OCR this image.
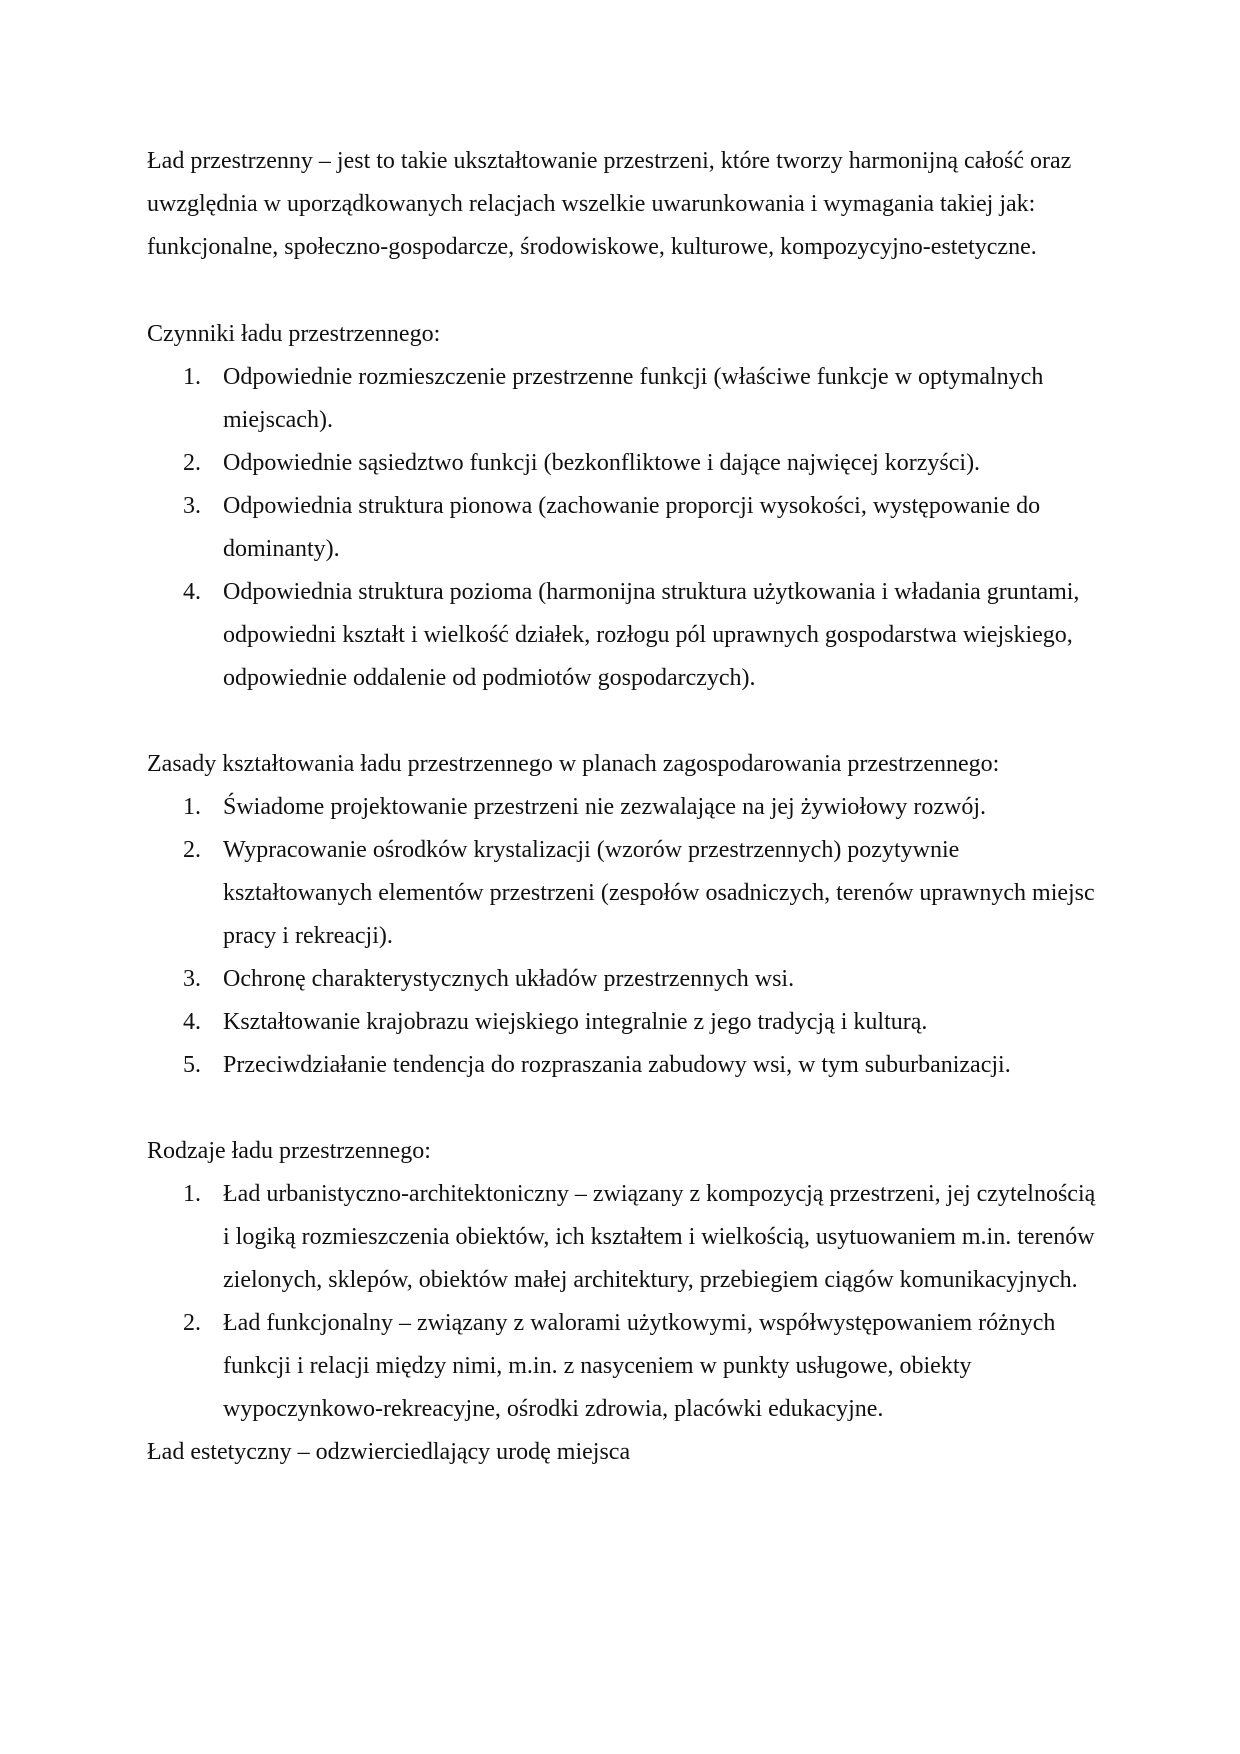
Ład przestrzenny – jest to takie ukształtowanie przestrzeni, które tworzy harmonijną całość oraz uwzględnia w uporządkowanych relacjach wszelkie uwarunkowania i wymagania takiej jak: funkcjonalne, społeczno-gospodarcze, środowiskowe, kulturowe, kompozycyjno-estetyczne.

Czynniki ładu przestrzennego:

1. Odpowiednie rozmieszczenie przestrzenne funkcji (właściwe funkcje w optymalnych miejscach).
2. Odpowiednie sąsiedztwo funkcji (bezkonfliktowe i dające najwięcej korzyści).
3. Odpowiednia struktura pionowa (zachowanie proporcji wysokości, występowanie do dominanty).
4. Odpowiednia struktura pozioma (harmonijna struktura użytkowania i władania gruntami, odpowiedni kształt i wielkość działek, rozłogu pól uprawnych gospodarstwa wiejskiego, odpowiednie oddalenie od podmiotów gospodarczych).

Zasady kształtowania ładu przestrzennego w planach zagospodarowania przestrzennego:

1. Świadome projektowanie przestrzeni nie zezwalające na jej żywiołowy rozwój.
2. Wypracowanie ośrodków krystalizacji (wzorów przestrzennych) pozytywnie kształtowanych elementów przestrzeni (zespołów osadniczych, terenów uprawnych miejsc pracy i rekreacji).
3. Ochronę charakterystycznych układów przestrzennych wsi.
4. Kształtowanie krajobrazu wiejskiego integralnie z jego tradycją i kulturą.
5. Przeciwdziałanie tendencja do rozpraszania zabudowy wsi, w tym suburbanizacji.

Rodzaje ładu przestrzennego:

1. Ład urbanistyczno-architektoniczny – związany z kompozycją przestrzeni, jej czytelnością i logiką rozmieszczenia obiektów, ich kształtem i wielkością, usytuowaniem m.in. terenów zielonych, sklepów, obiektów małej architektury, przebiegiem ciągów komunikacyjnych.
2. Ład funkcjonalny – związany z walorami użytkowymi, współwystępowaniem różnych funkcji i relacji między nimi, m.in. z nasyceniem w punkty usługowe, obiekty wypoczynkowo-rekreacyjne, ośrodki zdrowia, placówki edukacyjne.

Ład estetyczny – odzwierciedlający urodę miejsca
